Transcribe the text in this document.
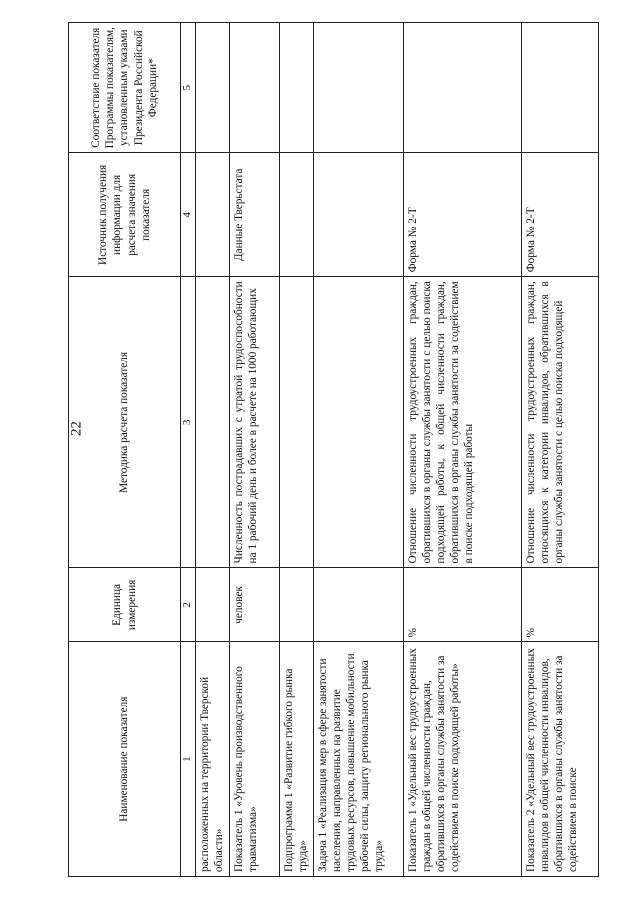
22
Наименование показателя	Единица измерения	Методика расчета показателя	Источник получения информации для расчета значения показателя	Соответствие показателя Программы показателям, установленным указами Президента Российской Федерации*
1	2	3	4	5
расположенных на территории Тверской области»				
Показатель 1 «Уровень производственного травматизма»	человек	Численность пострадавших с утратой трудоспособности на 1 рабочий день и более в расчете на 1000 работающих	Данные Тверьстата	
Подпрограмма 1 «Развитие гибкого рынка труда»				
Задача 1 «Реализация мер в сфере занятости населения, направленных на развитие трудовых ресурсов, повышение мобильности рабочей силы, защиту регионального рынка труда»				
Показатель 1 «Удельный вес трудоустроенных граждан в общей численности граждан, обратившихся в органы службы занятости за содействием в поиске подходящей работы»	%	Отношение численности трудоустроенных граждан, обратившихся в органы службы занятости с целью поиска подходящей работы, к общей численности граждан, обратившихся в органы службы занятости за содействием в поиске подходящей работы	Форма № 2-Т	
Показатель 2 «Удельный вес трудоустроенных инвалидов в общей численности инвалидов, обратившихся в органы службы занятости за содействием в поиске	%	Отношение численности трудоустроенных граждан, относящихся к категории инвалидов, обратившихся в органы службы занятости с целью поиска подходящей	Форма № 2-Т	
